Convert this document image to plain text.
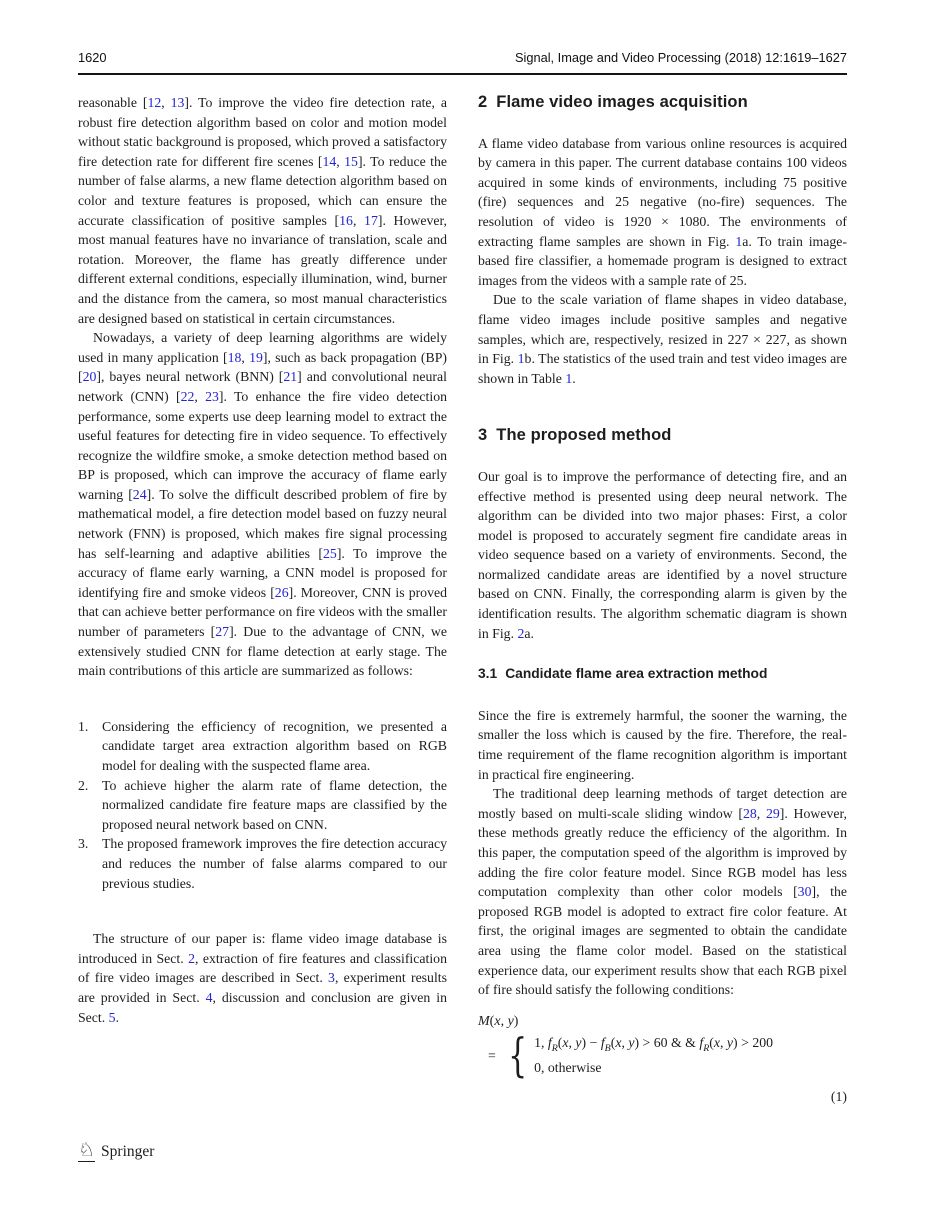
1620	Signal, Image and Video Processing (2018) 12:1619–1627

reasonable [12, 13]. To improve the video fire detection rate, a robust fire detection algorithm based on color and motion model without static background is proposed, which proved a satisfactory fire detection rate for different fire scenes [14, 15]. To reduce the number of false alarms, a new flame detection algorithm based on color and texture features is proposed, which can ensure the accurate classification of positive samples [16, 17]. However, most manual features have no invariance of translation, scale and rotation. Moreover, the flame has greatly difference under different external conditions, especially illumination, wind, burner and the distance from the camera, so most manual characteristics are designed based on statistical in certain circumstances.

Nowadays, a variety of deep learning algorithms are widely used in many application [18, 19], such as back propagation (BP) [20], bayes neural network (BNN) [21] and convolutional neural network (CNN) [22, 23]. To enhance the fire video detection performance, some experts use deep learning model to extract the useful features for detecting fire in video sequence. To effectively recognize the wildfire smoke, a smoke detection method based on BP is proposed, which can improve the accuracy of flame early warning [24]. To solve the difficult described problem of fire by mathematical model, a fire detection model based on fuzzy neural network (FNN) is proposed, which makes fire signal processing has self-learning and adaptive abilities [25]. To improve the accuracy of flame early warning, a CNN model is proposed for identifying fire and smoke videos [26]. Moreover, CNN is proved that can achieve better performance on fire videos with the smaller number of parameters [27]. Due to the advantage of CNN, we extensively studied CNN for flame detection at early stage. The main contributions of this article are summarized as follows:

1. Considering the efficiency of recognition, we presented a candidate target area extraction algorithm based on RGB model for dealing with the suspected flame area.
2. To achieve higher the alarm rate of flame detection, the normalized candidate fire feature maps are classified by the proposed neural network based on CNN.
3. The proposed framework improves the fire detection accuracy and reduces the number of false alarms compared to our previous studies.

The structure of our paper is: flame video image database is introduced in Sect. 2, extraction of fire features and classification of fire video images are described in Sect. 3, experiment results are provided in Sect. 4, discussion and conclusion are given in Sect. 5.

2 Flame video images acquisition

A flame video database from various online resources is acquired by camera in this paper. The current database contains 100 videos acquired in some kinds of environments, including 75 positive (fire) sequences and 25 negative (no-fire) sequences. The resolution of video is 1920 × 1080. The environments of extracting flame samples are shown in Fig. 1a. To train image-based fire classifier, a homemade program is designed to extract images from the videos with a sample rate of 25.

Due to the scale variation of flame shapes in video database, flame video images include positive samples and negative samples, which are, respectively, resized in 227 × 227, as shown in Fig. 1b. The statistics of the used train and test video images are shown in Table 1.

3 The proposed method

Our goal is to improve the performance of detecting fire, and an effective method is presented using deep neural network. The algorithm can be divided into two major phases: First, a color model is proposed to accurately segment fire candidate areas in video sequence based on a variety of environments. Second, the normalized candidate areas are identified by a novel structure based on CNN. Finally, the corresponding alarm is given by the identification results. The algorithm schematic diagram is shown in Fig. 2a.

3.1 Candidate flame area extraction method

Since the fire is extremely harmful, the sooner the warning, the smaller the loss which is caused by the fire. Therefore, the real-time requirement of the flame recognition algorithm is important in practical fire engineering.

The traditional deep learning methods of target detection are mostly based on multi-scale sliding window [28, 29]. However, these methods greatly reduce the efficiency of the algorithm. In this paper, the computation speed of the algorithm is improved by adding the fire color feature model. Since RGB model has less computation complexity than other color models [30], the proposed RGB model is adopted to extract fire color feature. At first, the original images are segmented to obtain the candidate area using the flame color model. Based on the statistical experience data, our experiment results show that each RGB pixel of fire should satisfy the following conditions:

M(x, y)
= { 1, $f_R(x$, $y) - f_B(x$, y) > 60 & & $f_R(x$, y) > 200
0, otherwise
(1)
♘ Springer
